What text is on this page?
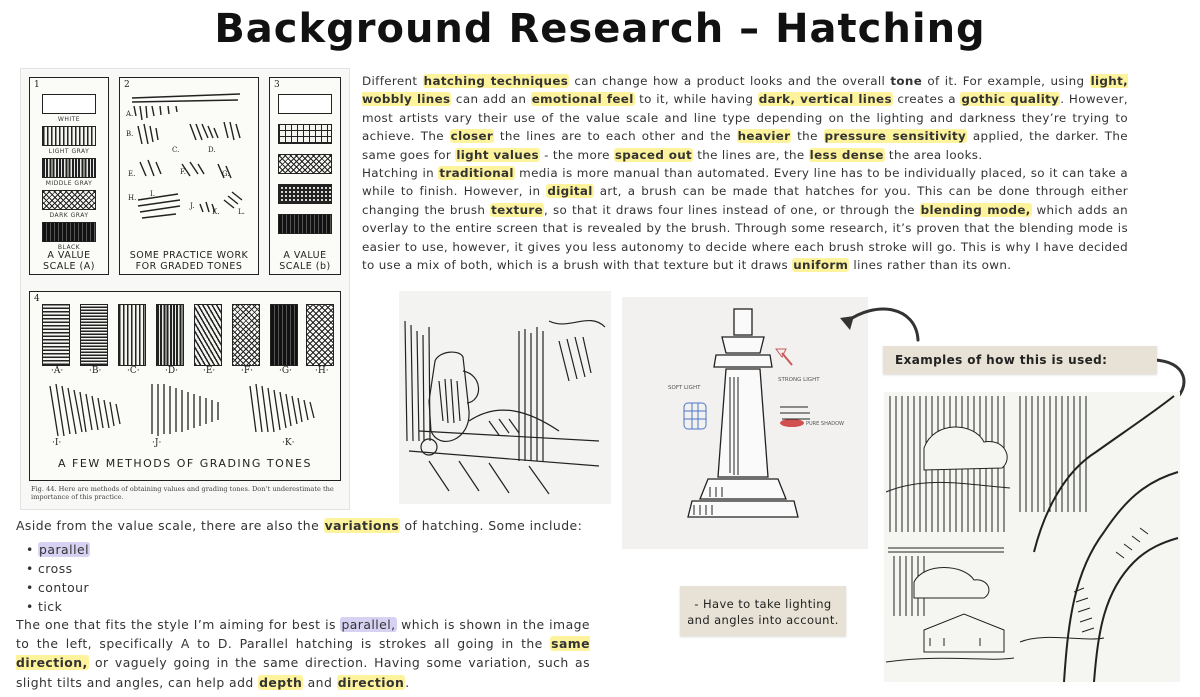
Background Research – Hatching

Different hatching techniques can change how a product looks and the overall tone of it. For example, using light, wobbly lines can add an emotional feel to it, while having dark, vertical lines creates a gothic quality. However, most artists vary their use of the value scale and line type depending on the lighting and darkness they’re trying to achieve. The closer the lines are to each other and the heavier the pressure sensitivity applied, the darker. The same goes for light values - the more spaced out the lines are, the less dense the area looks.

Hatching in traditional media is more manual than automated. Every line has to be individually placed, so it can take a while to finish. However, in digital art, a brush can be made that hatches for you. This can be done through either changing the brush texture, so that it draws four lines instead of one, or through the blending mode, which adds an overlay to the entire screen that is revealed by the brush. Through some research, it’s proven that the blending mode is easier to use, however, it gives you less autonomy to decide where each brush stroke will go. This is why I have decided to use a mix of both, which is a brush with that texture but it draws uniform lines rather than its own.

1
WHITE
LIGHT GRAY
MIDDLE GRAY
DARK GRAY
BLACK
A VALUE SCALE (A)
2
SOME PRACTICE WORK FOR GRADED TONES
A.
B.
C.	D.
E.	F.	G.
H. I.
J.
K.	L.
3
A VALUE SCALE (b)
4
·A·	·B·	·C·	·D·	·E·	·F·	·G·	·H·
·I·	·J·	·K·
A FEW METHODS OF GRADING TONES
Fig. 44. Here are methods of obtaining values and grading tones. Don’t underestimate the importance of this practice.
Aside from the value scale, there are also the variations of hatching. Some include:
• parallel
• cross
• contour
• tick
The one that fits the style I’m aiming for best is parallel, which is shown in the image to the left, specifically A to D. Parallel hatching is strokes all going in the same direction, or vaguely going in the same direction. Having some variation, such as slight tilts and angles, can help add depth and direction.
SOFT LIGHT
STRONG LIGHT
PURE SHADOW
Examples of how this is used:
- Have to take lighting
and angles into account.
